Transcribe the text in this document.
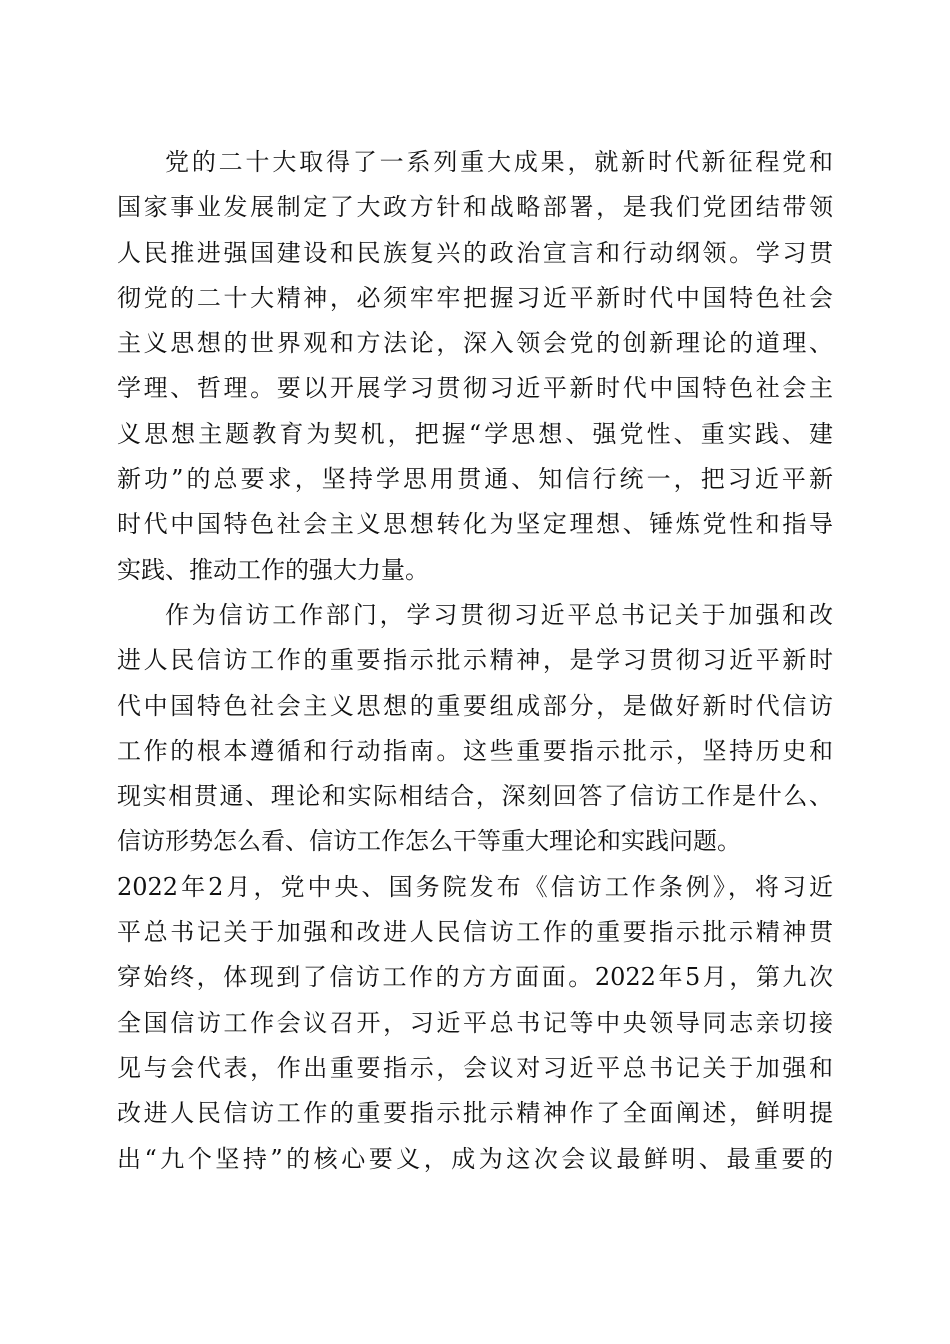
党的二十大取得了一系列重大成果，就新时代新征程党和
国家事业发展制定了大政方针和战略部署，是我们党团结带领
人民推进强国建设和民族复兴的政治宣言和行动纲领。学习贯
彻党的二十大精神，必须牢牢把握习近平新时代中国特色社会
主义思想的世界观和方法论，深入领会党的创新理论的道理、
学理、哲理。要以开展学习贯彻习近平新时代中国特色社会主
义思想主题教育为契机，把握“学思想、强党性、重实践、建
新功”的总要求，坚持学思用贯通、知信行统一，把习近平新
时代中国特色社会主义思想转化为坚定理想、锤炼党性和指导
实践、推动工作的强大力量。
作为信访工作部门，学习贯彻习近平总书记关于加强和改
进人民信访工作的重要指示批示精神，是学习贯彻习近平新时
代中国特色社会主义思想的重要组成部分，是做好新时代信访
工作的根本遵循和行动指南。这些重要指示批示，坚持历史和
现实相贯通、理论和实际相结合，深刻回答了信访工作是什么、
信访形势怎么看、信访工作怎么干等重大理论和实践问题。
2022年2月，党中央、国务院发布《信访工作条例》，将习近
平总书记关于加强和改进人民信访工作的重要指示批示精神贯
穿始终，体现到了信访工作的方方面面。2022年5月，第九次
全国信访工作会议召开，习近平总书记等中央领导同志亲切接
见与会代表，作出重要指示，会议对习近平总书记关于加强和
改进人民信访工作的重要指示批示精神作了全面阐述，鲜明提
出“九个坚持”的核心要义，成为这次会议最鲜明、最重要的
